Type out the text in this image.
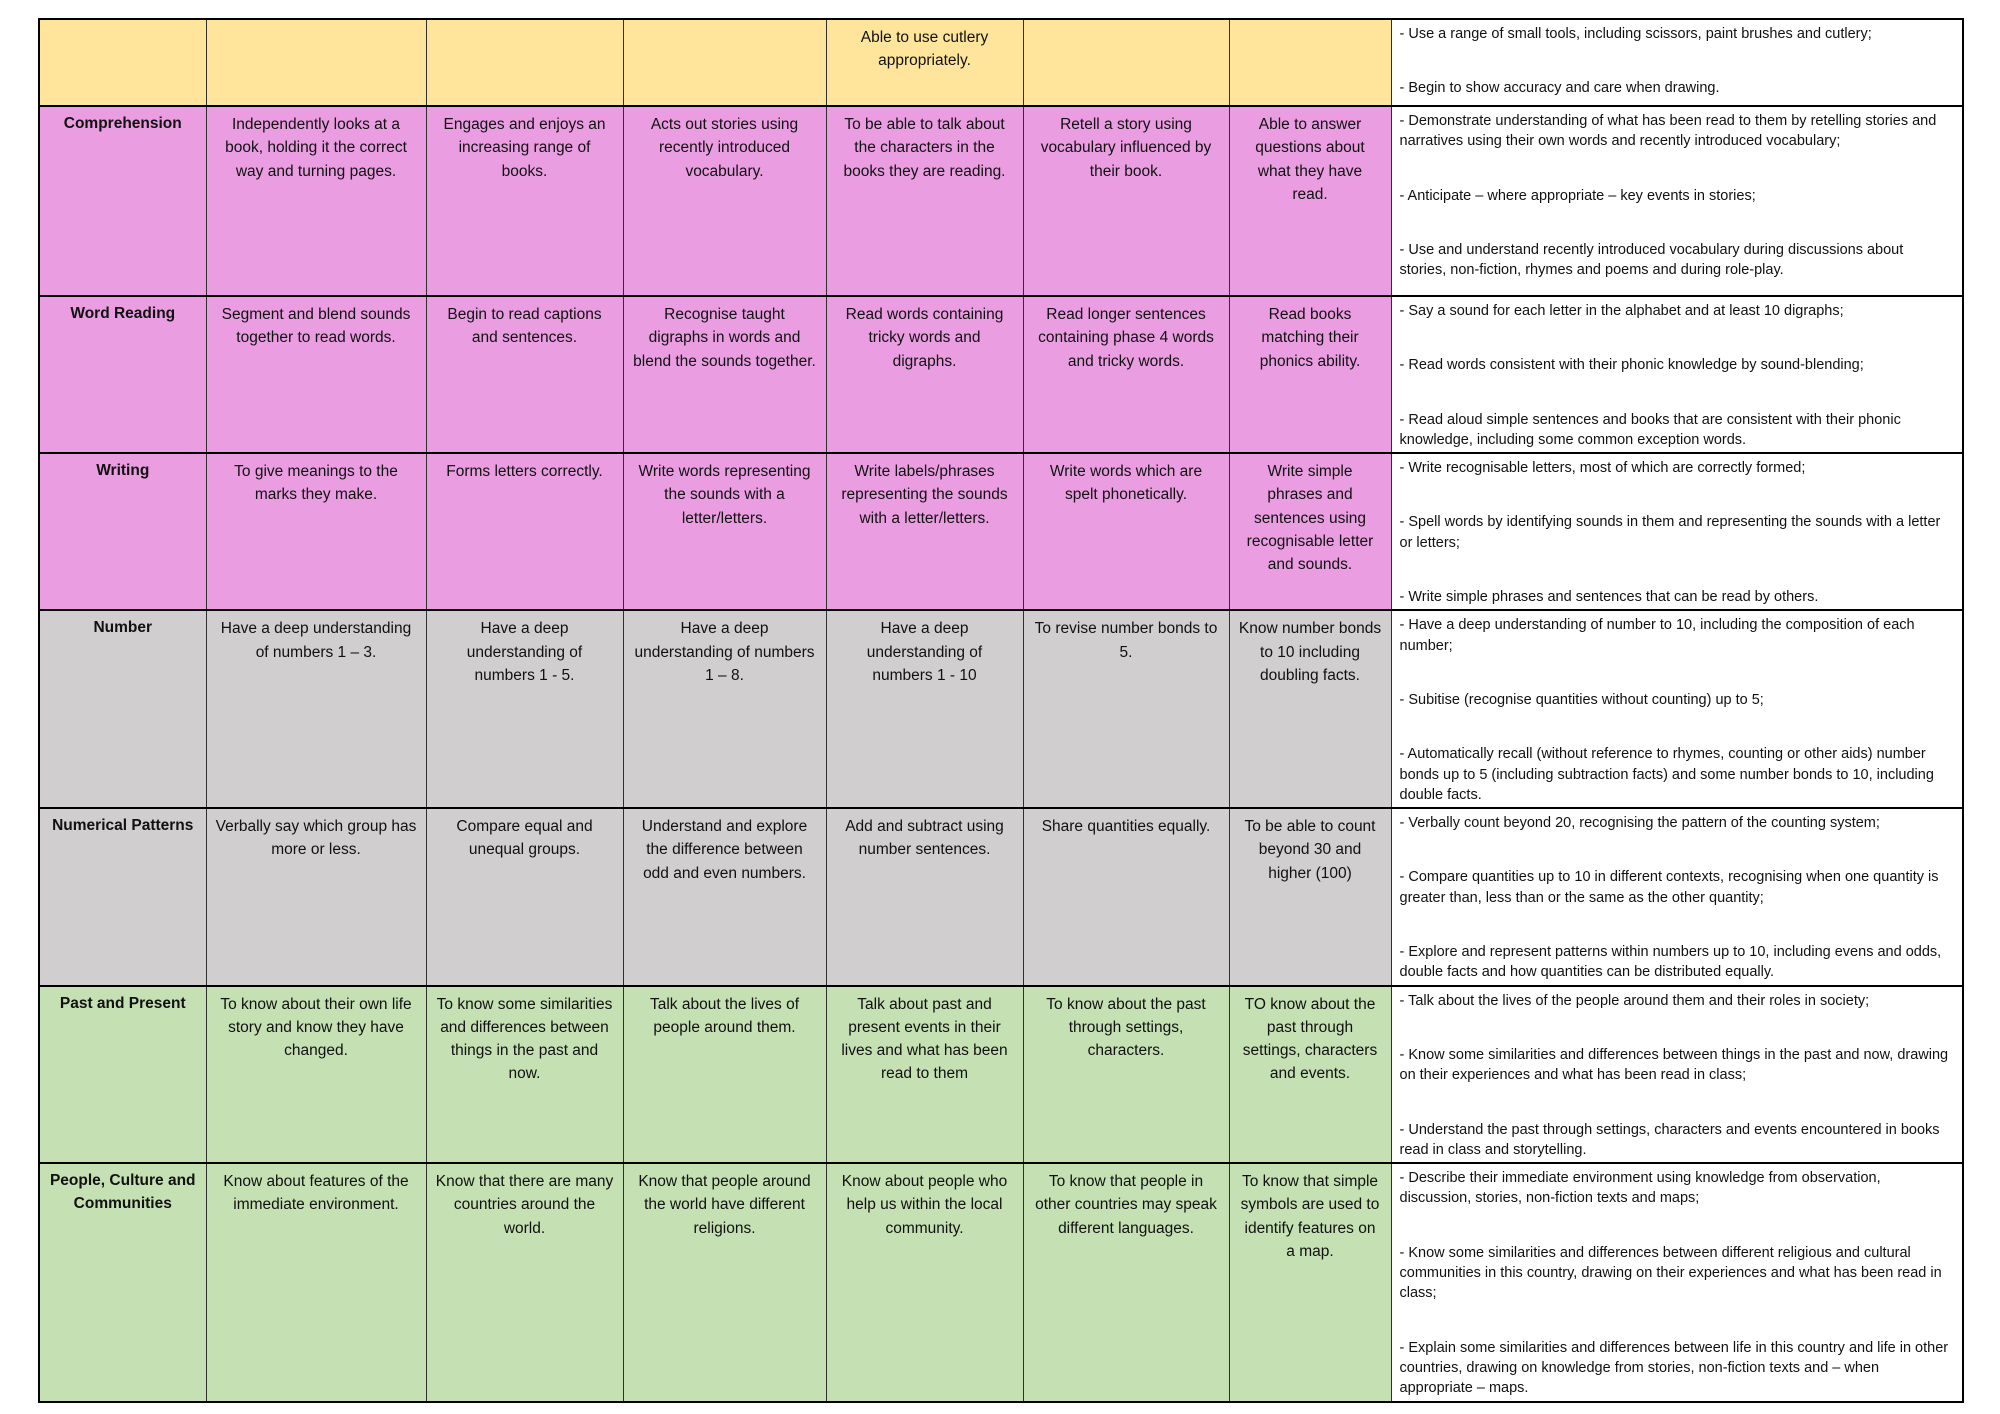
				Able to use cutlery appropriately.			- Use a range of small tools, including scissors, paint brushes and cutlery;

- Begin to show accuracy and care when drawing.

Comprehension	Independently looks at a book, holding it the correct way and turning pages.	Engages and enjoys an increasing range of books.	Acts out stories using recently introduced vocabulary.	To be able to talk about the characters in the books they are reading.	Retell a story using vocabulary influenced by their book.	Able to answer questions about what they have read.	- Demonstrate understanding of what has been read to them by retelling stories and narratives using their own words and recently introduced vocabulary;

- Anticipate – where appropriate – key events in stories;

- Use and understand recently introduced vocabulary during discussions about stories, non-fiction, rhymes and poems and during role-play.

Word Reading	Segment and blend sounds together to read words.	Begin to read captions and sentences.	Recognise taught digraphs in words and blend the sounds together.	Read words containing tricky words and digraphs.	Read longer sentences containing phase 4 words and tricky words.	Read books matching their phonics ability.	- Say a sound for each letter in the alphabet and at least 10 digraphs;

- Read words consistent with their phonic knowledge by sound-blending;

- Read aloud simple sentences and books that are consistent with their phonic knowledge, including some common exception words.

Writing	To give meanings to the marks they make.	Forms letters correctly.	Write words representing the sounds with a letter/letters.	Write labels/phrases representing the sounds with a letter/letters.	Write words which are spelt phonetically.	Write simple phrases and sentences using recognisable letter and sounds.	- Write recognisable letters, most of which are correctly formed;

- Spell words by identifying sounds in them and representing the sounds with a letter or letters;

- Write simple phrases and sentences that can be read by others.

Number	Have a deep understanding of numbers 1 – 3.	Have a deep understanding of numbers 1 - 5.	Have a deep understanding of numbers 1 – 8.	Have a deep understanding of numbers 1 - 10	To revise number bonds to 5.	Know number bonds to 10 including doubling facts.	- Have a deep understanding of number to 10, including the composition of each number;

- Subitise (recognise quantities without counting) up to 5;

- Automatically recall (without reference to rhymes, counting or other aids) number bonds up to 5 (including subtraction facts) and some number bonds to 10, including double facts.

Numerical Patterns	Verbally say which group has more or less.	Compare equal and unequal groups.	Understand and explore the difference between odd and even numbers.	Add and subtract using number sentences.	Share quantities equally.	To be able to count beyond 30 and higher (100)	- Verbally count beyond 20, recognising the pattern of the counting system;

- Compare quantities up to 10 in different contexts, recognising when one quantity is greater than, less than or the same as the other quantity;

- Explore and represent patterns within numbers up to 10, including evens and odds, double facts and how quantities can be distributed equally.

Past and Present	To know about their own life story and know they have changed.	To know some similarities and differences between things in the past and now.	Talk about the lives of people around them.	Talk about past and present events in their lives and what has been read to them	To know about the past through settings, characters.	TO know about the past through settings, characters and events.	- Talk about the lives of the people around them and their roles in society;

- Know some similarities and differences between things in the past and now, drawing on their experiences and what has been read in class;

- Understand the past through settings, characters and events encountered in books read in class and storytelling.

People, Culture and Communities	Know about features of the immediate environment.	Know that there are many countries around the world.	Know that people around the world have different religions.	Know about people who help us within the local community.	To know that people in other countries may speak different languages.	To know that simple symbols are used to identify features on a map.	- Describe their immediate environment using knowledge from observation, discussion, stories, non-fiction texts and maps;

- Know some similarities and differences between different religious and cultural communities in this country, drawing on their experiences and what has been read in class;

- Explain some similarities and differences between life in this country and life in other countries, drawing on knowledge from stories, non-fiction texts and – when appropriate – maps.
